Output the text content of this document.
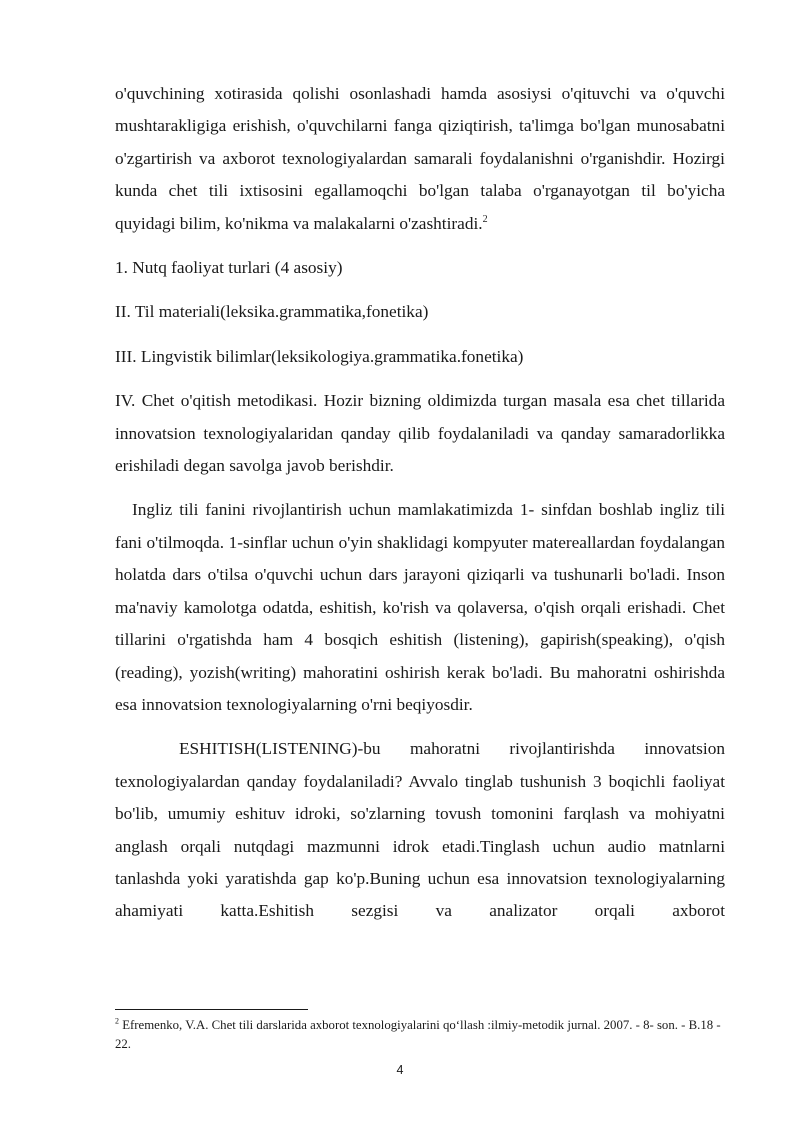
o'quvchining xotirasida qolishi osonlashadi hamda asosiysi o'qituvchi va o'quvchi mushtarakligiga erishish, o'quvchilarni fanga qiziqtirish, ta'limga bo'lgan munosabatni o'zgartirish va axborot texnologiyalardan samarali foydalanishni o'rganishdir. Hozirgi kunda chet tili ixtisosini egallamoqchi bo'lgan talaba o'rganayotgan til bo'yicha quyidagi bilim, ko'nikma va malakalarni o'zashtiradi.$^2$

1. Nutq faoliyat turlari (4 asosiy)

II. Til materiali(leksika.grammatika,fonetika)

III. Lingvistik bilimlar(leksikologiya.grammatika.fonetika)

IV. Chet o'qitish metodikasi. Hozir bizning oldimizda turgan masala esa chet tillarida innovatsion texnologiyalaridan qanday qilib foydalaniladi va qanday samaradorlikka erishiladi degan savolga javob berishdir.

Ingliz tili fanini rivojlantirish uchun mamlakatimizda 1- sinfdan boshlab ingliz tili fani o'tilmoqda. 1-sinflar uchun o'yin shaklidagi kompyuter matereallardan foydalangan holatda dars o'tilsa o'quvchi uchun dars jarayoni qiziqarli va tushunarli bo'ladi. Inson ma'naviy kamolotga odatda, eshitish, ko'rish va qolaversa, o'qish orqali erishadi. Chet tillarini o'rgatishda ham 4 bosqich eshitish (listening), gapirish(speaking), o'qish (reading), yozish(writing) mahoratini oshirish kerak bo'ladi. Bu mahoratni oshirishda esa innovatsion texnologiyalarning o'rni beqiyosdir.

ESHITISH(LISTENING)-bu mahoratni rivojlantirishda innovatsion texnologiyalardan qanday foydalaniladi? Avvalo tinglab tushunish 3 boqichli faoliyat bo'lib, umumiy eshituv idroki, so'zlarning tovush tomonini farqlash va mohiyatni anglash orqali nutqdagi mazmunni idrok etadi.Tinglash uchun audio matnlarni tanlashda yoki yaratishda gap ko'p.Buning uchun esa innovatsion texnologiyalarning ahamiyati katta.Eshitish sezgisi va analizator orqali axborot

$^2$ Efremenko, V.A. Chet tili darslarida axborot texnologiyalarini qo‘llash :ilmiy-metodik jurnal. 2007. - 8- son. - B.18 - 22.
4
